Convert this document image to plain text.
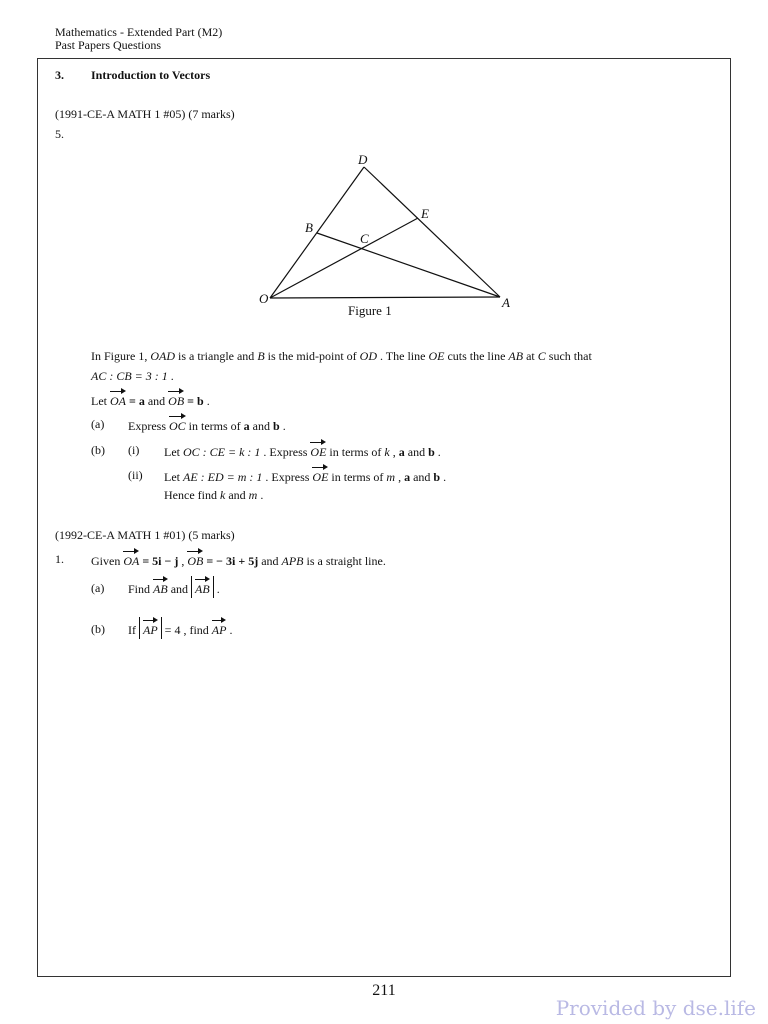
Mathematics - Extended Part (M2)
Past Papers Questions
3. Introduction to Vectors
(1991-CE-A MATH 1 #05) (7 marks)
5.
D
E
B
C
O	A
Figure 1
In Figure 1, OAD is a triangle and B is the mid-point of OD . The line OE cuts the line AB at C such that
AC : CB = 3 : 1 .
Let OA = a and OB = b .
(a) Express OC in terms of a and b .
(b) (i) Let OC : CE = k : 1 . Express OE in terms of k , a and b .
(ii) Let AE : ED = m : 1 . Express OE in terms of m , a and b .
Hence find k and m .
(1992-CE-A MATH 1 #01) (5 marks)
1. Given OA = 5i − j , OB = − 3i + 5j and APB is a straight line.
(a) Find AB and AB .
(b) If AP = 4 , find AP .
211
Provided by dse.life
